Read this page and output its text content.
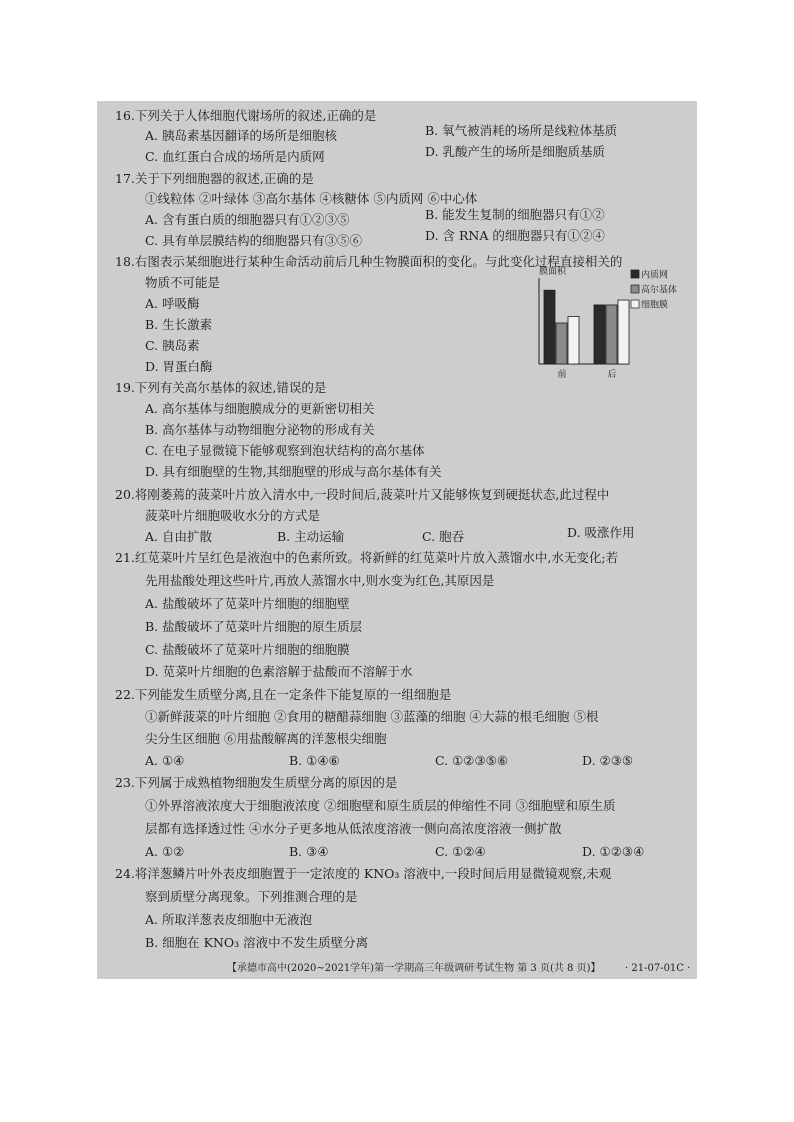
16.下列关于人体细胞代谢场所的叙述,正确的是
A. 胰岛素基因翻译的场所是细胞核	B. 氧气被消耗的场所是线粒体基质
C. 血红蛋白合成的场所是内质网	D. 乳酸产生的场所是细胞质基质
17.关于下列细胞器的叙述,正确的是
①线粒体 ②叶绿体 ③高尔基体 ④核糖体 ⑤内质网 ⑥中心体
A. 含有蛋白质的细胞器只有①②③⑤	B. 能发生复制的细胞器只有①②
C. 具有单层膜结构的细胞器只有③⑤⑥	D. 含 RNA 的细胞器只有①②④
18.右图表示某细胞进行某种生命活动前后几种生物膜面积的变化。与此变化过程直接相关的
物质不可能是
A. 呼吸酶
B. 生长激素
C. 胰岛素
D. 胃蛋白酶
膜面积
前	后
内质网
高尔基体
细胞膜
19.下列有关高尔基体的叙述,错误的是
A. 高尔基体与细胞膜成分的更新密切相关
B. 高尔基体与动物细胞分泌物的形成有关
C. 在电子显微镜下能够观察到泡状结构的高尔基体
D. 具有细胞壁的生物,其细胞壁的形成与高尔基体有关
20.将刚萎蔫的菠菜叶片放入清水中,一段时间后,菠菜叶片又能够恢复到硬挺状态,此过程中
菠菜叶片细胞吸收水分的方式是
A. 自由扩散	B. 主动运输	C. 胞吞	D. 吸涨作用
21.红苋菜叶片呈红色是液泡中的色素所致。将新鲜的红苋菜叶片放入蒸馏水中,水无变化;若
先用盐酸处理这些叶片,再放人蒸馏水中,则水变为红色,其原因是
A. 盐酸破坏了苋菜叶片细胞的细胞壁
B. 盐酸破坏了苋菜叶片细胞的原生质层
C. 盐酸破坏了苋菜叶片细胞的细胞膜
D. 苋菜叶片细胞的色素溶解于盐酸而不溶解于水
22.下列能发生质壁分离,且在一定条件下能复原的一组细胞是
①新鲜菠菜的叶片细胞 ②食用的糖醋蒜细胞 ③蓝藻的细胞 ④大蒜的根毛细胞 ⑤根
尖分生区细胞 ⑥用盐酸解离的洋葱根尖细胞
A. ①④	B. ①④⑥	C. ①②③⑤⑥	D. ②③⑤
23.下列属于成熟植物细胞发生质壁分离的原因的是
①外界溶液浓度大于细胞液浓度 ②细胞壁和原生质层的伸缩性不同 ③细胞壁和原生质
层都有选择透过性 ④水分子更多地从低浓度溶液一侧向高浓度溶液一侧扩散
A. ①②	B. ③④	C. ①②④	D. ①②③④
24.将洋葱鳞片叶外表皮细胞置于一定浓度的 KNO₃ 溶液中,一段时间后用显微镜观察,未观
察到质壁分离现象。下列推测合理的是
A. 所取洋葱表皮细胞中无液泡
B. 细胞在 KNO₃ 溶液中不发生质壁分离
【承德市高中(2020~2021学年)第一学期高三年级调研考试生物 第 3 页(共 8 页)】 · 21-07-01C ·
